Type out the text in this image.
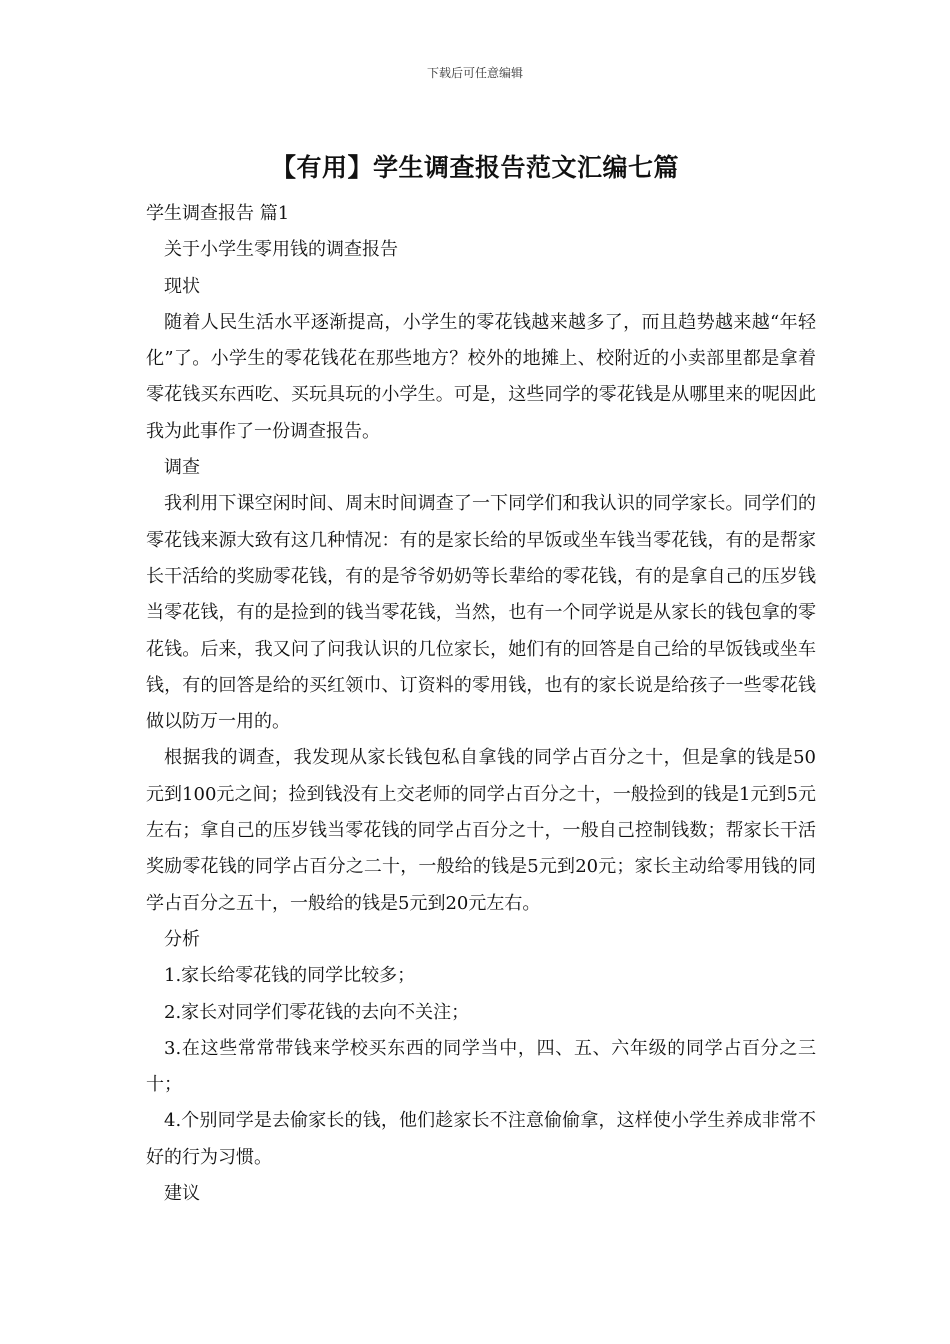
下载后可任意编辑
【有用】学生调查报告范文汇编七篇

学生调查报告 篇1

关于小学生零用钱的调查报告

现状

随着人民生活水平逐渐提高，小学生的零花钱越来越多了，而且趋势越来越“年轻化”了。小学生的零花钱花在那些地方？校外的地摊上、校附近的小卖部里都是拿着零花钱买东西吃、买玩具玩的小学生。可是，这些同学的零花钱是从哪里来的呢因此我为此事作了一份调查报告。

调查

我利用下课空闲时间、周末时间调查了一下同学们和我认识的同学家长。同学们的零花钱来源大致有这几种情况：有的是家长给的早饭或坐车钱当零花钱，有的是帮家长干活给的奖励零花钱，有的是爷爷奶奶等长辈给的零花钱，有的是拿自己的压岁钱当零花钱，有的是捡到的钱当零花钱，当然，也有一个同学说是从家长的钱包拿的零花钱。后来，我又问了问我认识的几位家长，她们有的回答是自己给的早饭钱或坐车钱，有的回答是给的买红领巾、订资料的零用钱，也有的家长说是给孩子一些零花钱做以防万一用的。

根据我的调查，我发现从家长钱包私自拿钱的同学占百分之十，但是拿的钱是50元到100元之间；捡到钱没有上交老师的同学占百分之十，一般捡到的钱是1元到5元左右；拿自己的压岁钱当零花钱的同学占百分之十，一般自己控制钱数；帮家长干活奖励零花钱的同学占百分之二十，一般给的钱是5元到20元；家长主动给零用钱的同学占百分之五十，一般给的钱是5元到20元左右。

分析

1.家长给零花钱的同学比较多；

2.家长对同学们零花钱的去向不关注；

3.在这些常常带钱来学校买东西的同学当中，四、五、六年级的同学占百分之三十；

4.个别同学是去偷家长的钱，他们趁家长不注意偷偷拿，这样使小学生养成非常不好的行为习惯。

建议
